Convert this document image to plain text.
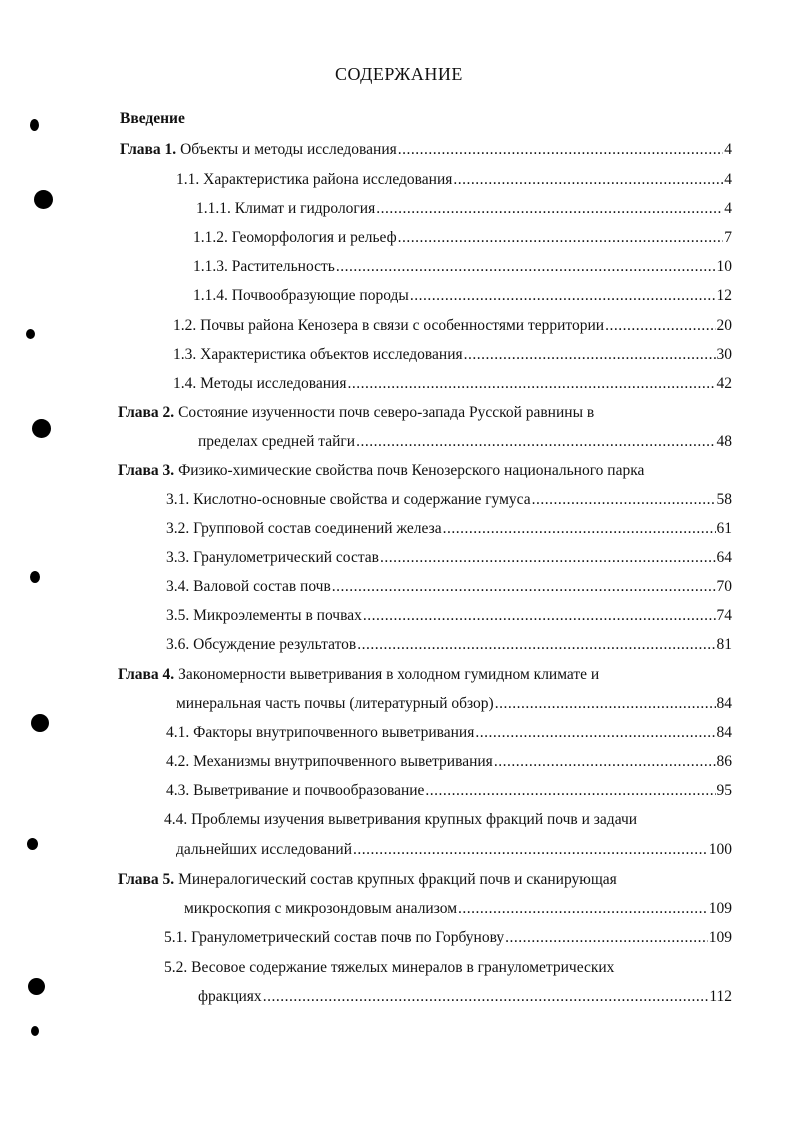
СОДЕРЖАНИЕ
Введение
Глава 1. Объекты и методы исследования .....	4
1.1. Характеристика района исследования .....	4
1.1.1. Климат и гидрология .....	4
1.1.2. Геоморфология и рельеф .....	7
1.1.3. Растительность .....	10
1.1.4. Почвообразующие породы .....	12
1.2. Почвы района Кенозера в связи с особенностями территории .....	20
1.3. Характеристика объектов исследования .....	30
1.4. Методы исследования .....	42
Глава 2. Состояние изученности почв северо-запада Русской равнины в
пределах средней тайги .....	48
Глава 3. Физико-химические свойства почв Кенозерского национального парка
3.1. Кислотно-основные свойства и содержание гумуса .....	58
3.2. Групповой состав соединений железа .....	61
3.3. Гранулометрический состав .....	64
3.4. Валовой состав почв .....	70
3.5. Микроэлементы в почвах .....	74
3.6. Обсуждение результатов .....	81
Глава 4. Закономерности выветривания в холодном гумидном климате и
минеральная часть почвы (литературный обзор) .....	84
4.1. Факторы внутрипочвенного выветривания .....	84
4.2. Механизмы внутрипочвенного выветривания .....	86
4.3. Выветривание и почвообразование .....	95
4.4. Проблемы изучения выветривания крупных фракций почв и задачи
дальнейших исследований .....	100
Глава 5. Минералогический состав крупных фракций почв и сканирующая
микроскопия с микрозондовым анализом .....	109
5.1. Гранулометрический состав почв по Горбунову .....	109
5.2. Весовое содержание тяжелых минералов в гранулометрических
фракциях .....	112
